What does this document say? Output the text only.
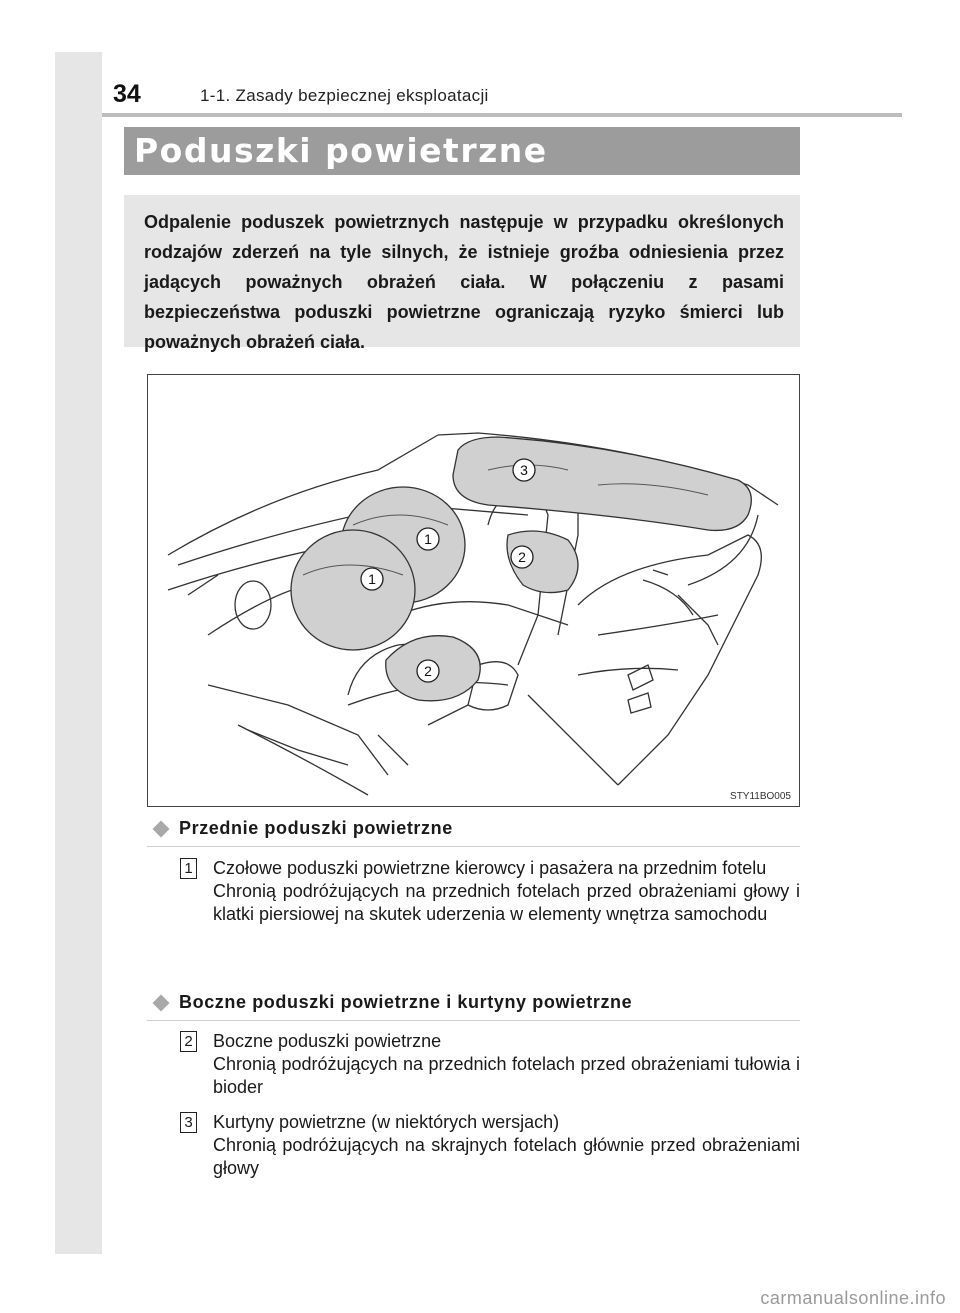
34	1-1. Zasady bezpiecznej eksploatacji
Poduszki powietrzne
Odpalenie poduszek powietrznych następuje w przypadku określonych rodzajów zderzeń na tyle silnych, że istnieje groźba odniesienia przez jadących poważnych obrażeń ciała. W połączeniu z pasami bezpieczeństwa poduszki powietrzne ograniczają ryzyko śmierci lub poważnych obrażeń ciała.
1
1
2
2
3
STY11BO005
Przednie poduszki powietrzne
1 Czołowe poduszki powietrzne kierowcy i pasażera na przednim fotelu
Chronią podróżujących na przednich fotelach przed obrażeniami głowy i klatki piersiowej na skutek uderzenia w elementy wnętrza samochodu
Boczne poduszki powietrzne i kurtyny powietrzne
2 Boczne poduszki powietrzne
Chronią podróżujących na przednich fotelach przed obrażeniami tułowia i bioder
3 Kurtyny powietrzne (w niektórych wersjach)
Chronią podróżujących na skrajnych fotelach głównie przed obrażeniami głowy
carmanualsonline.info
